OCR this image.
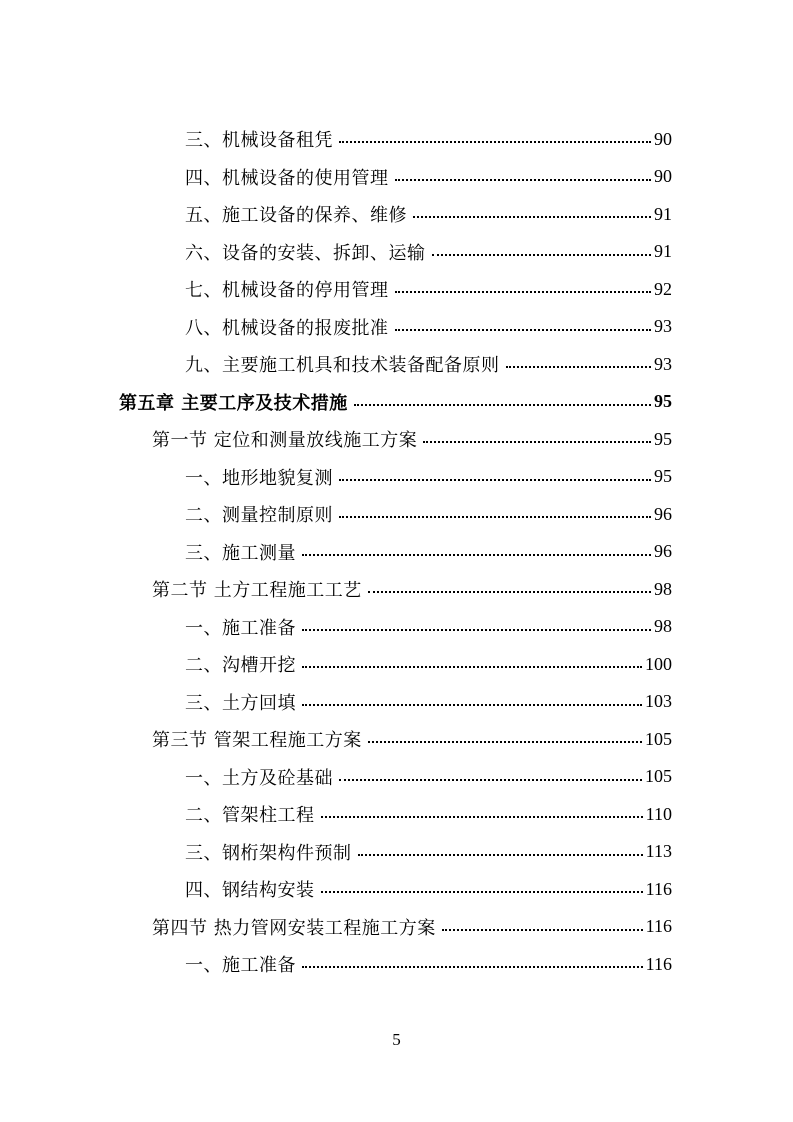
三、机械设备租凭	90
四、机械设备的使用管理	90
五、施工设备的保养、维修	91
六、设备的安装、拆卸、运输	91
七、机械设备的停用管理	92
八、机械设备的报废批准	93
九、主要施工机具和技术装备配备原则	93
第五章 主要工序及技术措施	95
第一节 定位和测量放线施工方案	95
一、地形地貌复测	95
二、测量控制原则	96
三、施工测量	96
第二节 土方工程施工工艺	98
一、施工准备	98
二、沟槽开挖	100
三、土方回填	103
第三节 管架工程施工方案	105
一、土方及砼基础	105
二、管架柱工程	110
三、钢桁架构件预制	113
四、钢结构安装	116
第四节 热力管网安装工程施工方案	116
一、施工准备	116
5
